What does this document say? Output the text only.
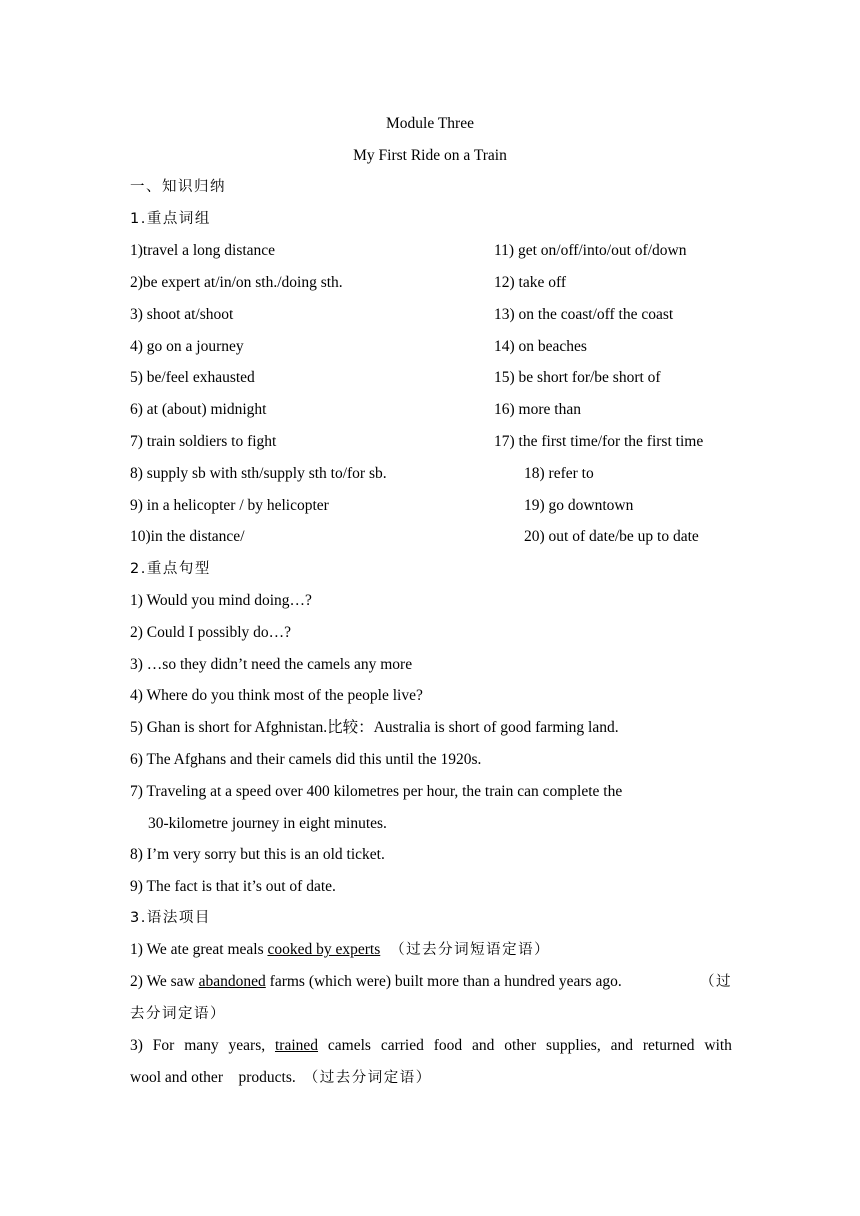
Module Three
My First Ride on a Train
一、知识归纳
1.重点词组
1)travel a long distance
2)be expert at/in/on sth./doing sth.
3) shoot at/shoot
4) go on a journey
5) be/feel exhausted
6) at (about) midnight
7) train soldiers to fight
8) supply sb with sth/supply sth to/for sb.
9) in a helicopter / by helicopter
10)in the distance/
11) get on/off/into/out of/down
12) take off
13) on the coast/off the coast
14) on beaches
15) be short for/be short of
16) more than
17) the first time/for the first time
18) refer to
19) go downtown
20) out of date/be up to date
2.重点句型
1) Would you mind doing…?
2) Could I possibly do…?
3) …so they didn’t need the camels any more
4) Where do you think most of the people live?
5) Ghan is short for Afghnistan.比较：Australia is short of good farming land.
6) The Afghans and their camels did this until the 1920s.
7) Traveling at a speed over 400 kilometres per hour, the train can complete the
30-kilometre journey in eight minutes.
8) I’m very sorry but this is an old ticket.
9) The fact is that it’s out of date.
3.语法项目
1) We ate great meals cooked by experts （过去分词短语定语）
2) We saw abandoned farms (which were) built more than a hundred years ago.	（过
去分词定语）
3) For many years, trained camels carried food and other supplies, and returned with
wool and other    products. （过去分词定语）
